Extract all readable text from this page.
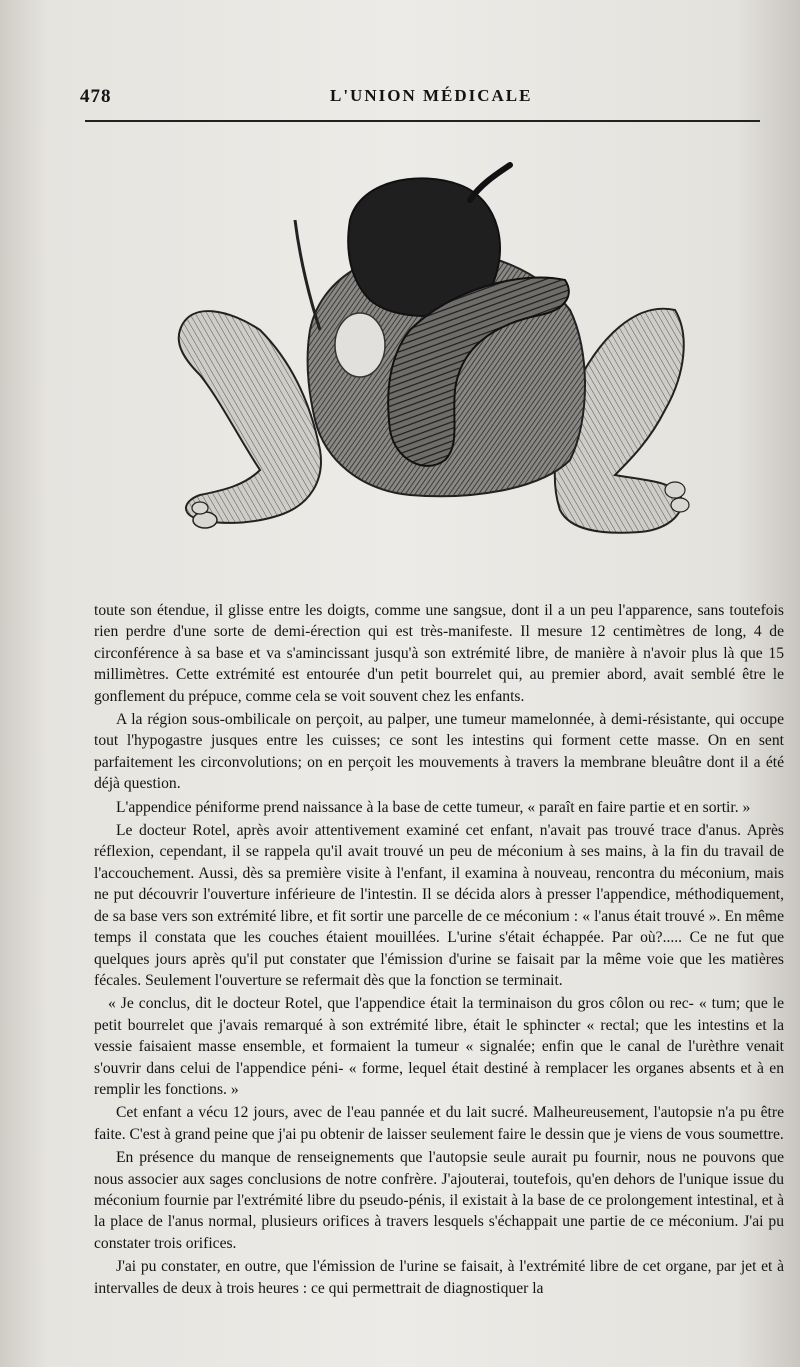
478	L'UNION MÉDICALE

toute son étendue, il glisse entre les doigts, comme une sangsue, dont il a un peu l'apparence, sans toutefois rien perdre d'une sorte de demi-érection qui est très-manifeste. Il mesure 12 centimètres de long, 4 de circonférence à sa base et va s'amincissant jusqu'à son extrémité libre, de manière à n'avoir plus là que 15 millimètres. Cette extrémité est entourée d'un petit bourrelet qui, au premier abord, avait semblé être le gonflement du prépuce, comme cela se voit souvent chez les enfants.

A la région sous-ombilicale on perçoit, au palper, une tumeur mamelonnée, à demi-résistante, qui occupe tout l'hypogastre jusques entre les cuisses; ce sont les intestins qui forment cette masse. On en sent parfaitement les circonvolutions; on en perçoit les mouvements à travers la membrane bleuâtre dont il a été déjà question.

L'appendice péniforme prend naissance à la base de cette tumeur, « paraît en faire partie et en sortir. »

Le docteur Rotel, après avoir attentivement examiné cet enfant, n'avait pas trouvé trace d'anus. Après réflexion, cependant, il se rappela qu'il avait trouvé un peu de méconium à ses mains, à la fin du travail de l'accouchement. Aussi, dès sa première visite à l'enfant, il examina à nouveau, rencontra du méconium, mais ne put découvrir l'ouverture inférieure de l'intestin. Il se décida alors à presser l'appendice, méthodiquement, de sa base vers son extrémité libre, et fit sortir une parcelle de ce méconium : « l'anus était trouvé ». En même temps il constata que les couches étaient mouillées. L'urine s'était échappée. Par où?..... Ce ne fut que quelques jours après qu'il put constater que l'émission d'urine se faisait par la même voie que les matières fécales. Seulement l'ouverture se refermait dès que la fonction se terminait.

« Je conclus, dit le docteur Rotel, que l'appendice était la terminaison du gros côlon ou rec- « tum; que le petit bourrelet que j'avais remarqué à son extrémité libre, était le sphincter « rectal; que les intestins et la vessie faisaient masse ensemble, et formaient la tumeur « signalée; enfin que le canal de l'urèthre venait s'ouvrir dans celui de l'appendice péni- « forme, lequel était destiné à remplacer les organes absents et à en remplir les fonctions. »

Cet enfant a vécu 12 jours, avec de l'eau pannée et du lait sucré. Malheureusement, l'autopsie n'a pu être faite. C'est à grand peine que j'ai pu obtenir de laisser seulement faire le dessin que je viens de vous soumettre.

En présence du manque de renseignements que l'autopsie seule aurait pu fournir, nous ne pouvons que nous associer aux sages conclusions de notre confrère. J'ajouterai, toutefois, qu'en dehors de l'unique issue du méconium fournie par l'extrémité libre du pseudo-pénis, il existait à la base de ce prolongement intestinal, et à la place de l'anus normal, plusieurs orifices à travers lesquels s'échappait une partie de ce méconium. J'ai pu constater trois orifices.

J'ai pu constater, en outre, que l'émission de l'urine se faisait, à l'extrémité libre de cet organe, par jet et à intervalles de deux à trois heures : ce qui permettrait de diagnostiquer la
